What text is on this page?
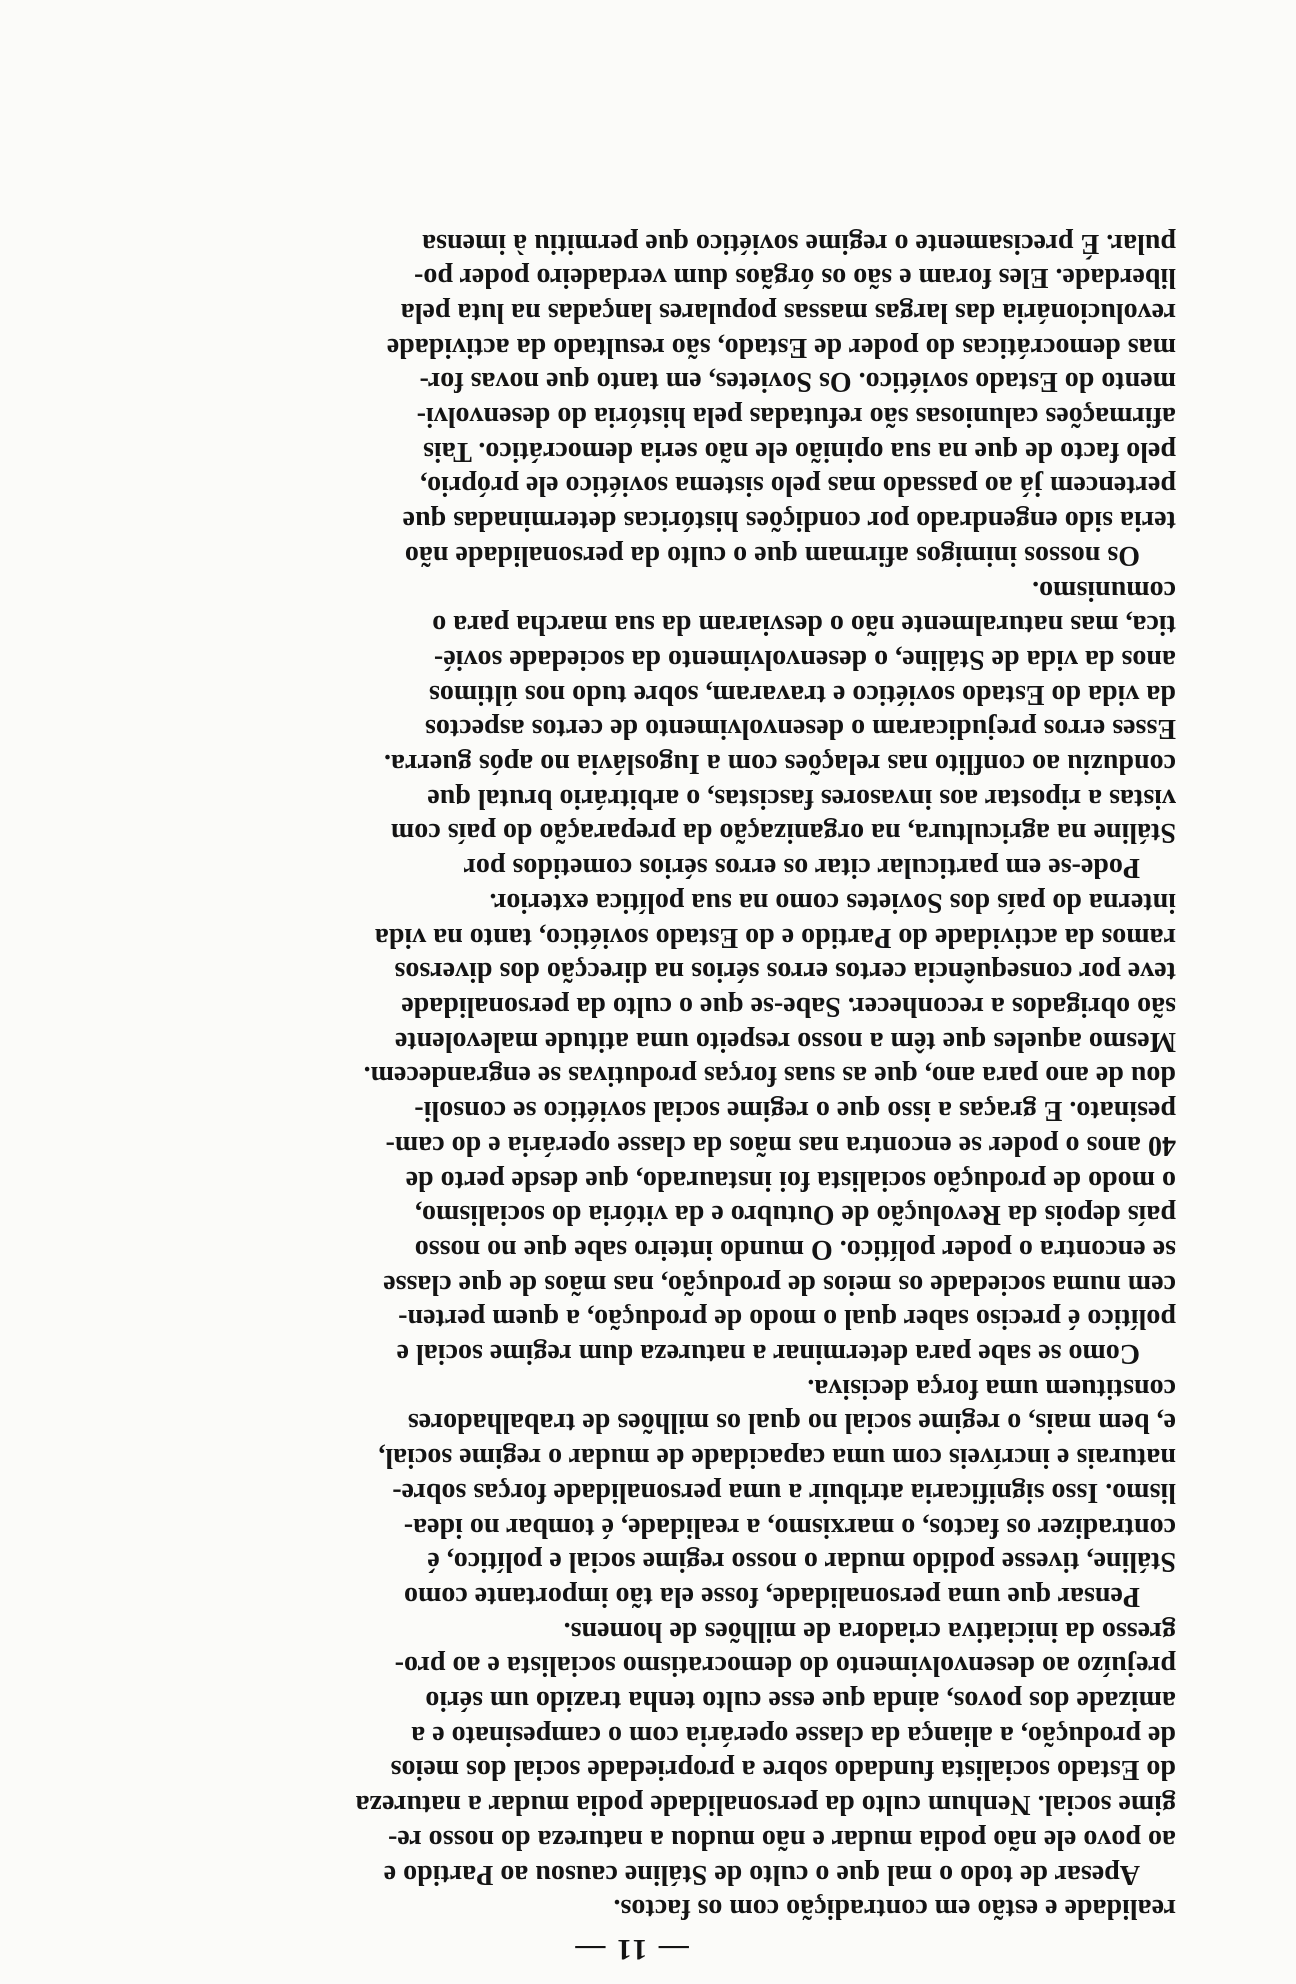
— 11 —
realidade e estão em contradição com os factos.
Apesar de todo o mal que o culto de Stáline causou ao Partido e
ao povo ele não podia mudar e não mudou a natureza do nosso re-
gime social. Nenhum culto da personalidade podia mudar a natureza
do Estado socialista fundado sobre a propriedade social dos meios
de produção, a aliança da classe operária com o campesinato e a
amizade dos povos, ainda que esse culto tenha trazido um sério
prejuízo ao desenvolvimento do democratismo socialista e ao pro-
gresso da iniciativa criadora de milhões de homens.
Pensar que uma personalidade, fosse ela tão importante como
Stáline, tivesse podido mudar o nosso regime social e político, é
contradizer os factos, o marxismo, a realidade, é tombar no idea-
lismo. Isso significaria atribuir a uma personalidade forças sobre-
naturais e incríveis com uma capacidade de mudar o regime social,
e, bem mais, o regime social no qual os milhões de trabalhadores
constituem uma força decisiva.
Como se sabe para determinar a natureza dum regime social e
político é preciso saber qual o modo de produção, a quem perten-
cem numa sociedade os meios de produção, nas mãos de que classe
se encontra o poder político. O mundo inteiro sabe que no nosso
país depois da Revolução de Outubro e da vitória do socialismo,
o modo de produção socialista foi instaurado, que desde perto de
40 anos o poder se encontra nas mãos da classe operária e do cam-
pesinato. E graças a isso que o regime social soviético se consoli-
dou de ano para ano, que as suas forças produtivas se engrandecem.
Mesmo aqueles que têm a nosso respeito uma atitude malevolente
são obrigados a reconhecer. Sabe-se que o culto da personalidade
teve por consequência certos erros sérios na direcção dos diversos
ramos da actividade do Partido e do Estado soviético, tanto na vida
interna do país dos Sovietes como na sua política exterior.
Pode-se em particular citar os erros sérios cometidos por
Stáline na agricultura, na organização da preparação do país com
vistas a ripostar aos invasores fascistas, o arbitrário brutal que
conduziu ao conflito nas relações com a Iugoslávia no após guerra.
Esses erros prejudicaram o desenvolvimento de certos aspectos
da vida do Estado soviético e travaram, sobre tudo nos últimos
anos da vida de Stáline, o desenvolvimento da sociedade sovié-
tica, mas naturalmente não o desviaram da sua marcha para o
comunismo.
Os nossos inimigos afirmam que o culto da personalidade não
teria sido engendrado por condições históricas determinadas que
pertencem já ao passado mas pelo sistema soviético ele próprio,
pelo facto de que na sua opinião ele não seria democrático. Tais
afirmações caluniosas são refutadas pela história do desenvolvi-
mento do Estado soviético. Os Sovietes, em tanto que novas for-
mas democráticas do poder de Estado, são resultado da actividade
revolucionária das largas massas populares lançadas na luta pela
liberdade. Eles foram e são os órgãos dum verdadeiro poder po-
pular. É precisamente o regime soviético que permitiu à imensa
